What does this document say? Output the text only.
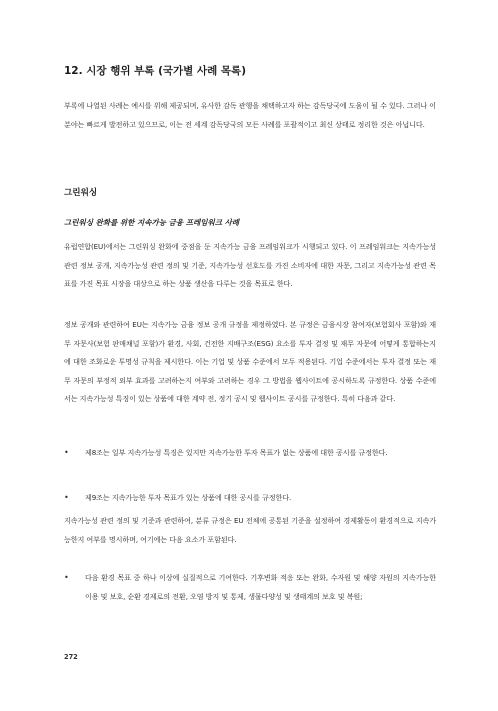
12. 시장 행위 부록 (국가별 사례 목록)
부록에 나열된 사례는 예시를 위해 제공되며, 유사한 감독 관행을 채택하고자 하는 감독당국에 도움이 될 수 있다. 그러나 이 분야는 빠르게 발전하고 있으므로, 이는 전 세계 감독당국의 모든 사례를 포괄적이고 최신 상태로 정리한 것은 아닙니다.
그린워싱
그린워싱 완화를 위한 지속가능 금융 프레임워크 사례
유럽연합(EU)에서는 그린워싱 완화에 중점을 둔 지속가능 금융 프레임워크가 시행되고 있다. 이 프레임워크는 지속가능성 관련 정보 공개, 지속가능성 관련 정의 및 기준, 지속가능성 선호도를 가진 소비자에 대한 자문, 그리고 지속가능성 관련 목표를 가진 목표 시장을 대상으로 하는 상품 생산을 다루는 것을 목표로 한다.
정보 공개와 관련하여 EU는 지속가능 금융 정보 공개 규정을 제정하였다. 본 규정은 금융시장 참여자(보험회사 포함)와 재무 자문사(보험 판매채널 포함)가 환경, 사회, 건전한 지배구조(ESG) 요소를 투자 결정 및 재무 자문에 어떻게 통합하는지에 대한 조화로운 투명성 규칙을 제시한다. 이는 기업 및 상품 수준에서 모두 적용된다. 기업 수준에서는 투자 결정 또는 재무 자문의 부정적 외부 효과를 고려하는지 여부와 고려하는 경우 그 방법을 웹사이트에 공시하도록 규정한다. 상품 수준에서는 지속가능성 특징이 있는 상품에 대한 계약 전, 정기 공시 및 웹사이트 공시를 규정한다. 특히 다음과 같다.
• 제8조는 일부 지속가능성 특징은 있지만 지속가능한 투자 목표가 없는 상품에 대한 공시를 규정한다.
• 제9조는 지속가능한 투자 목표가 있는 상품에 대한 공시를 규정한다.
지속가능성 관련 정의 및 기준과 관련하여, 분류 규정은 EU 전체에 공통된 기준을 설정하여 경제활동이 환경적으로 지속가능한지 여부를 명시하며, 여기에는 다음 요소가 포함된다.
• 다음 환경 목표 중 하나 이상에 실질적으로 기여한다. 기후변화 적응 또는 완화, 수자원 및 해양 자원의 지속가능한 이용 및 보호, 순환 경제로의 전환, 오염 방지 및 통제, 생물다양성 및 생태계의 보호 및 복원;
272
